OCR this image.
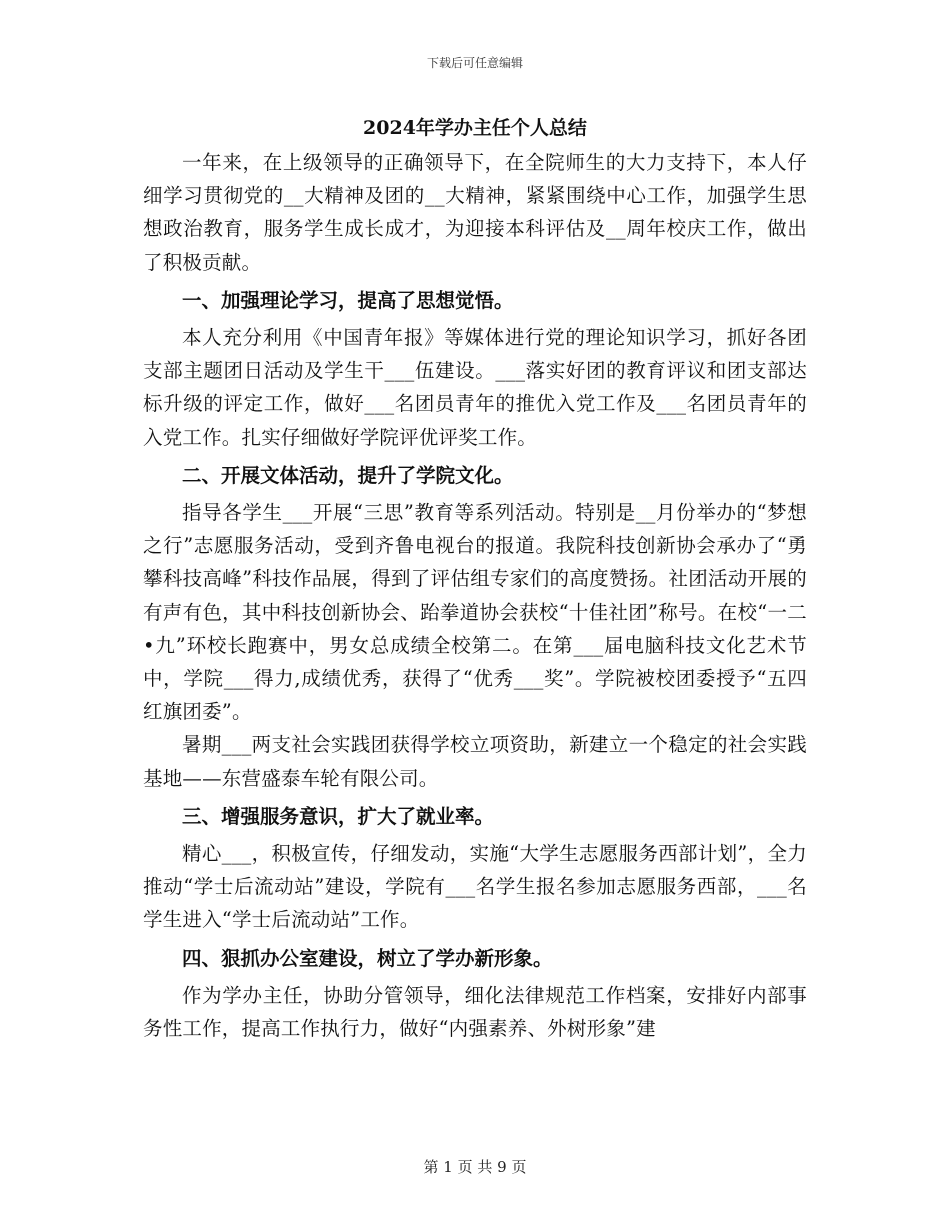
下载后可任意编辑
2024年学办主任个人总结

一年来，在上级领导的正确领导下，在全院师生的大力支持下，本人仔细学习贯彻党的__大精神及团的__大精神，紧紧围绕中心工作，加强学生思想政治教育，服务学生成长成才，为迎接本科评估及__周年校庆工作，做出了积极贡献。

一、加强理论学习，提高了思想觉悟。

本人充分利用《中国青年报》等媒体进行党的理论知识学习，抓好各团支部主题团日活动及学生干___伍建设。___落实好团的教育评议和团支部达标升级的评定工作，做好___名团员青年的推优入党工作及___名团员青年的入党工作。扎实仔细做好学院评优评奖工作。

二、开展文体活动，提升了学院文化。

指导各学生___开展“三思”教育等系列活动。特别是__月份举办的“梦想之行”志愿服务活动，受到齐鲁电视台的报道。我院科技创新协会承办了“勇攀科技高峰”科技作品展，得到了评估组专家们的高度赞扬。社团活动开展的有声有色，其中科技创新协会、跆拳道协会获校“十佳社团”称号。在校“一二•九”环校长跑赛中，男女总成绩全校第二。在第___届电脑科技文化艺术节中，学院___得力,成绩优秀，获得了“优秀___奖”。学院被校团委授予“五四红旗团委”。

暑期___两支社会实践团获得学校立项资助，新建立一个稳定的社会实践基地——东营盛泰车轮有限公司。

三、增强服务意识，扩大了就业率。

精心___，积极宣传，仔细发动，实施“大学生志愿服务西部计划”，全力推动“学士后流动站”建设，学院有___名学生报名参加志愿服务西部，___名学生进入“学士后流动站”工作。

四、狠抓办公室建设，树立了学办新形象。

作为学办主任，协助分管领导，细化法律规范工作档案，安排好内部事务性工作，提高工作执行力，做好“内强素养、外树形象”建

第 1 页 共 9 页
